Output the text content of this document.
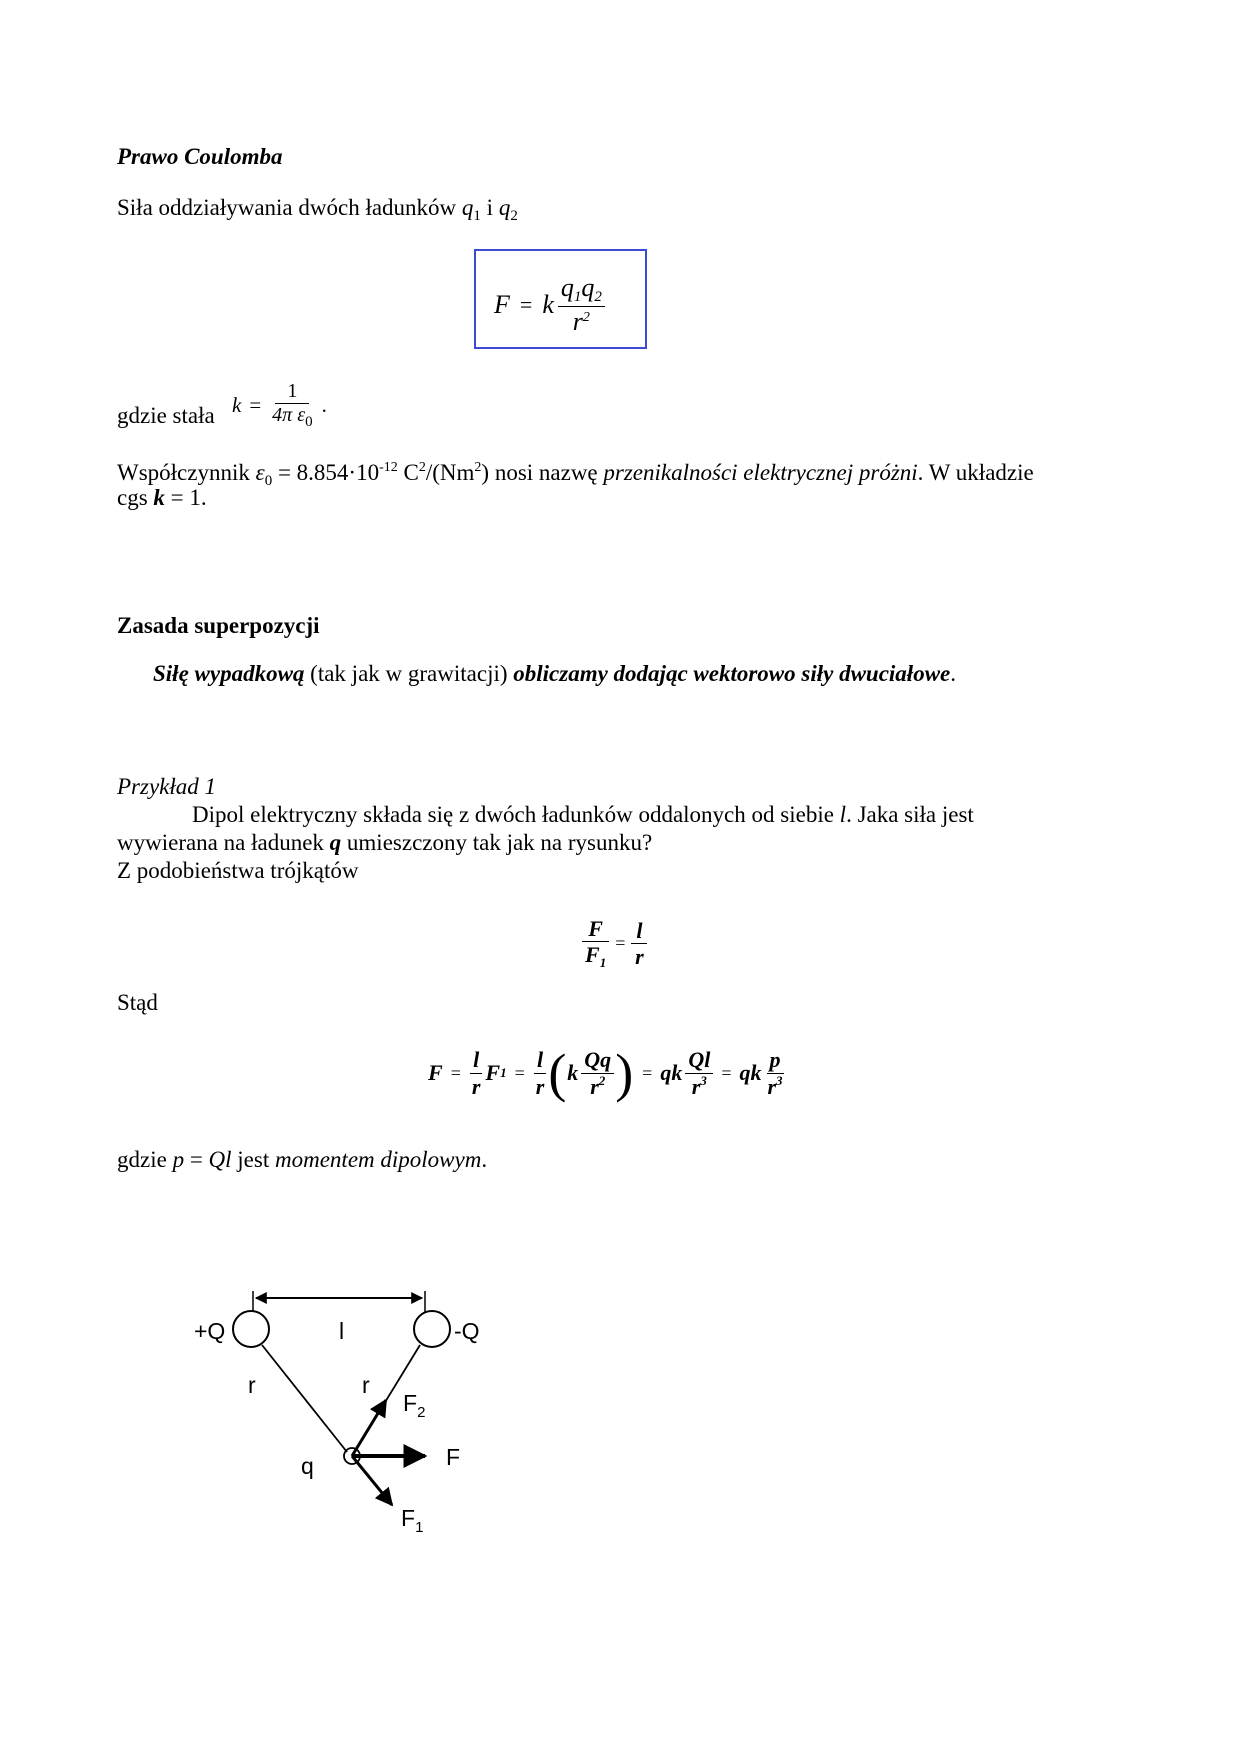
Prawo Coulomba
Siła oddziaływania dwóch ładunków $q_1$ i $q_2$
F = k $\frac{q_1q_2}{r^2}$
gdzie stała $k = \frac{1}{4\pi \varepsilon_0}$ .
Współczynnik $\varepsilon_0 = 8.854\cdot 10^{-12}$ $C^2/(Nm^2)$ nosi nazwę przenikalności elektrycznej próżni. W układzie
cgs k = 1.
Zasada superpozycji
Siłę wypadkową (tak jak w grawitacji) obliczamy dodając wektorowo siły dwuciałowe.
Przykład 1
Dipol elektryczny składa się z dwóch ładunków oddalonych od siebie l. Jaka siła jest
wywierana na ładunek q umieszczony tak jak na rysunku?
Z podobieństwa trójkątów
$\frac{F}{F_1} = \frac{l}{r}$
Stąd
$F = \frac{l}{r}$ F $1 = \frac{l}{r}$ ( k $\frac{Qq}{r^2}$ ) = qk $\frac{Ql}{r^3}$ = qk $\frac{p}{r^3}$
gdzie p = Ql jest momentem dipolowym.
+Q	-Q
l
r	r
q	F
$F_2$
$F_1$
